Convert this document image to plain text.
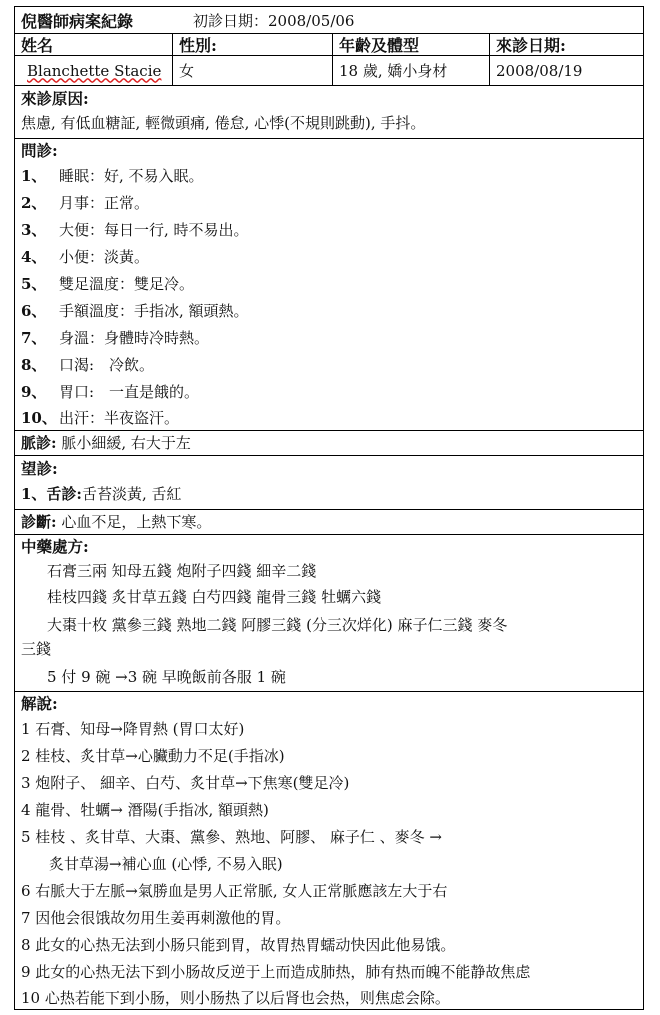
倪醫師病案紀錄	初診日期：2008/05/06
姓名	性別:	年齡及體型	來診日期:
Blanchette Stacie	女	18 歲, 嬌小身材	2008/08/19
來診原因:
焦慮, 有低血糖証, 輕微頭痛, 倦怠, 心悸(不規則跳動), 手抖。
問診:
1、 睡眠：好, 不易入眠。
2、 月事：正常。
3、 大便：每日一行, 時不易出。
4、 小便：淡黃。
5、 雙足溫度：雙足冷。
6、 手額溫度：手指冰, 額頭熱。
7、 身溫：身體時冷時熱。
8、 口渴:　冷飲。
9、 胃口:　一直是餓的。
10、 出汗：半夜盜汗。
脈診: 脈小細緩, 右大于左
望診:
1、舌診:舌苔淡黃, 舌紅
診斷: 心血不足，上熱下寒。
中藥處方:
石膏三兩 知母五錢 炮附子四錢 細辛二錢
桂枝四錢 炙甘草五錢 白芍四錢 龍骨三錢 牡蠣六錢
大棗十枚 黨參三錢 熟地二錢 阿膠三錢 (分三次烊化) 麻子仁三錢 麥冬
三錢
5 付 9 碗 →3 碗 早晚飯前各服 1 碗
解說:
1 石膏、知母→降胃熱 (胃口太好)
2 桂枝、炙甘草→心臟動力不足(手指冰)
3 炮附子、 細辛、白芍、炙甘草→下焦寒(雙足冷)
4 龍骨、牡蠣→ 潛陽(手指冰, 額頭熱)
5 桂枝 、炙甘草、大棗、黨參、熟地、阿膠、 麻子仁 、麥冬 →
炙甘草湯→補心血 (心悸, 不易入眠)
6 右脈大于左脈→氣勝血是男人正常脈, 女人正常脈應該左大于右
7 因他会很饿故勿用生姜再刺激他的胃。
8 此女的心热无法到小肠只能到胃，故胃热胃蠕动快因此他易饿。
9 此女的心热无法下到小肠故反逆于上而造成肺热，肺有热而魄不能静故焦虑
10 心热若能下到小肠，则小肠热了以后肾也会热，则焦虑会除。
